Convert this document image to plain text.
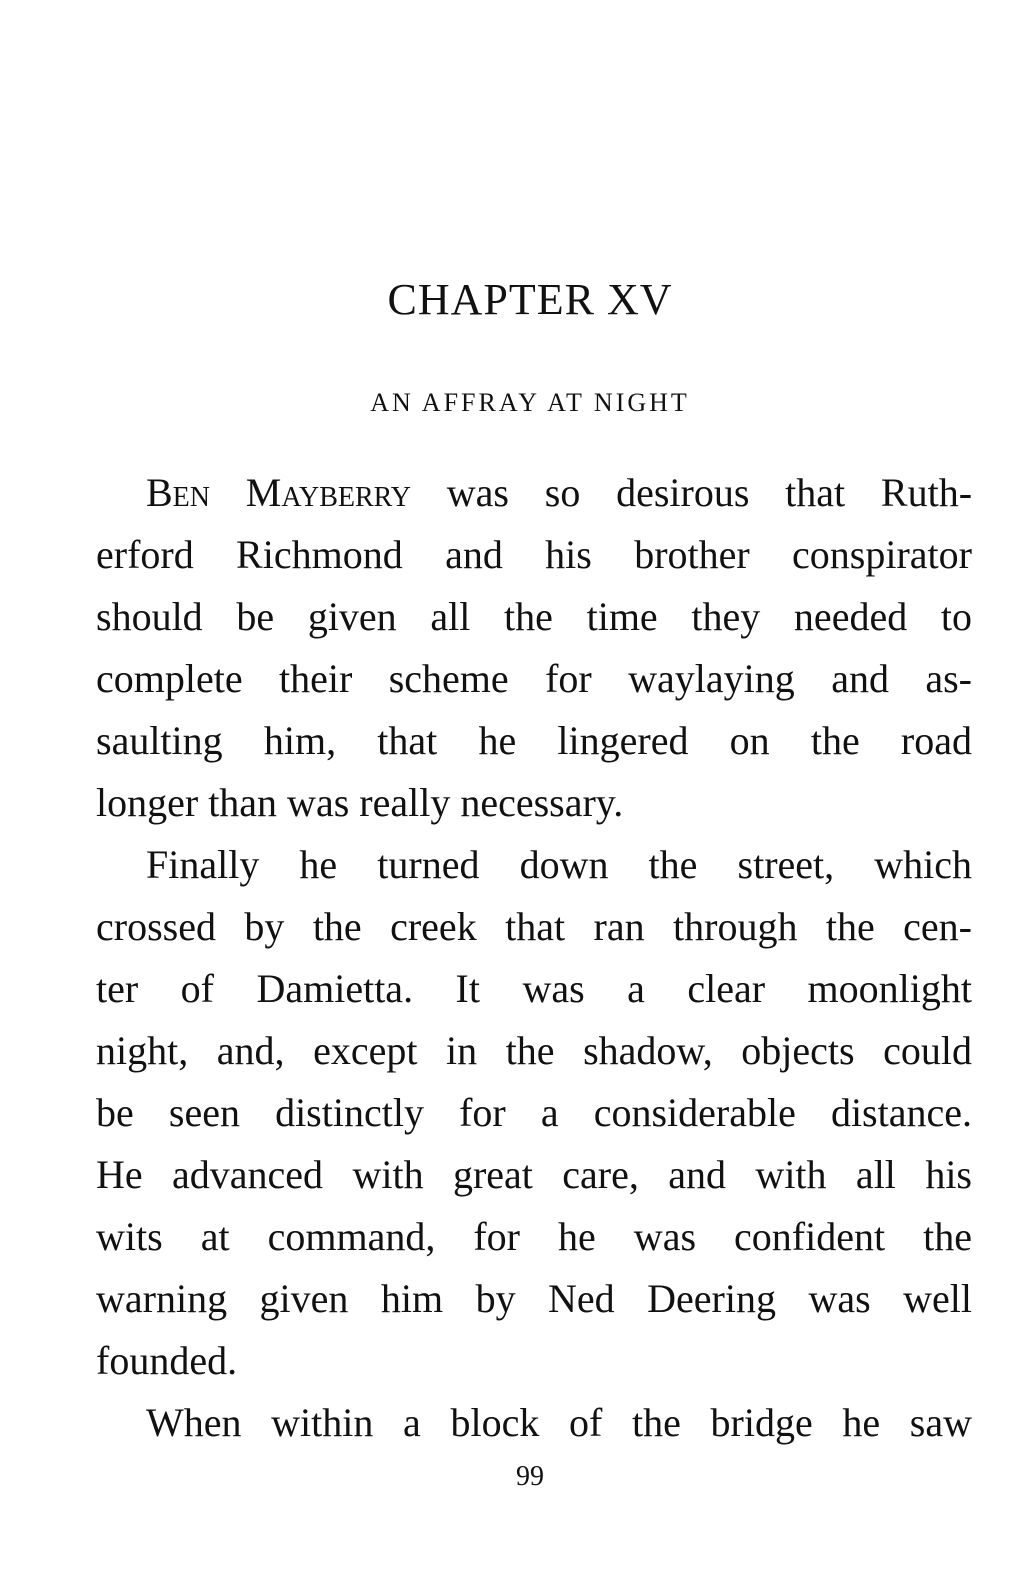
CHAPTER XV
AN AFFRAY AT NIGHT
Ben Mayberry was so desirous that Ruth-
erford Richmond and his brother conspirator
should be given all the time they needed to
complete their scheme for waylaying and as-
saulting him, that he lingered on the road
longer than was really necessary.
Finally he turned down the street, which
crossed by the creek that ran through the cen-
ter of Damietta. It was a clear moonlight
night, and, except in the shadow, objects could
be seen distinctly for a considerable distance.
He advanced with great care, and with all his
wits at command, for he was confident the
warning given him by Ned Deering was well
founded.
When within a block of the bridge he saw
99
